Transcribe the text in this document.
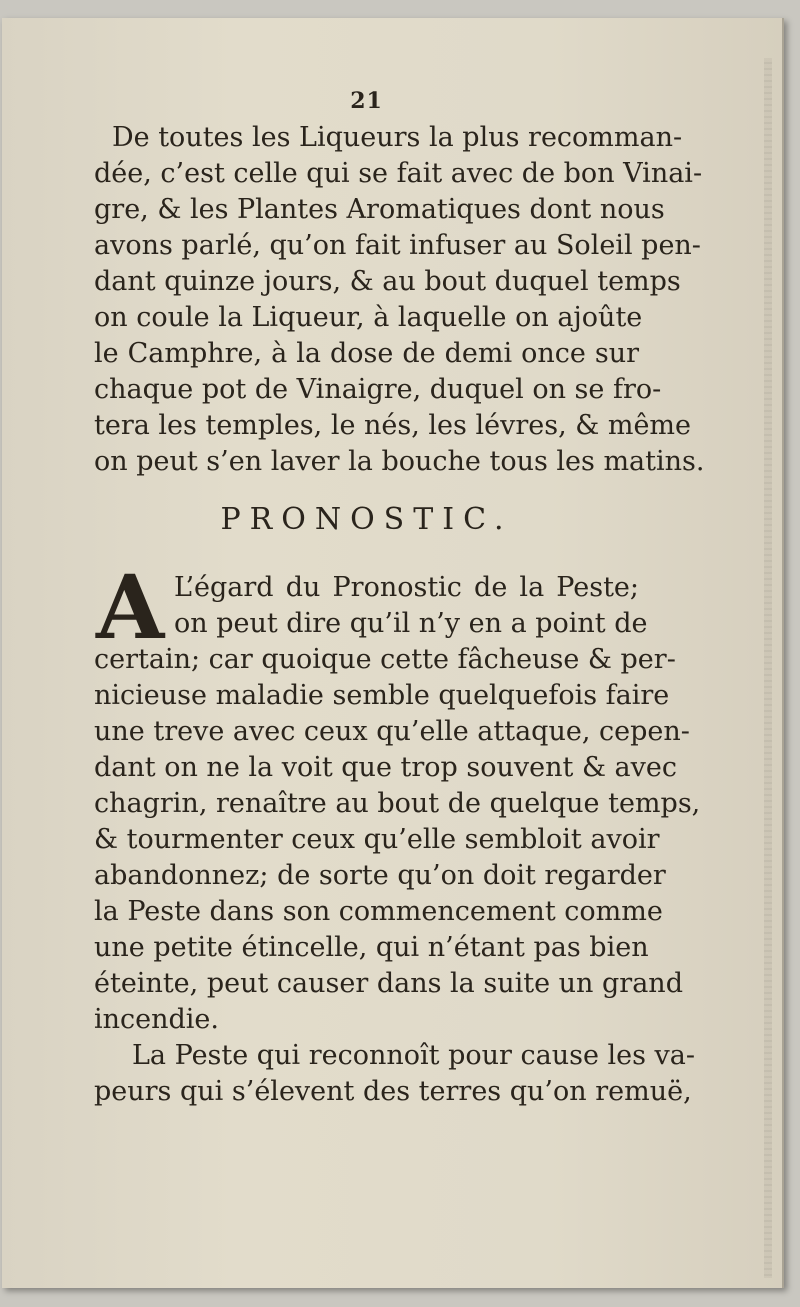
21
De toutes les Liqueurs la plus recomman-
dée, c’est celle qui se fait avec de bon Vinai-
gre, & les Plantes Aromatiques dont nous
avons parlé, qu’on fait infuser au Soleil pen-
dant quinze jours, & au bout duquel temps
on coule la Liqueur, à laquelle on ajoûte
le Camphre, à la dose de demi once sur
chaque pot de Vinaigre, duquel on se fro-
tera les temples, le nés, les lévres, & même
on peut s’en laver la bouche tous les matins.
PRONOSTIC.
A L’égard du Pronostic de la Peste;
on peut dire qu’il n’y en a point de
certain; car quoique cette fâcheuse & per-
nicieuse maladie semble quelquefois faire
une treve avec ceux qu’elle attaque, cepen-
dant on ne la voit que trop souvent & avec
chagrin, renaître au bout de quelque temps,
& tourmenter ceux qu’elle sembloit avoir
abandonnez; de sorte qu’on doit regarder
la Peste dans son commencement comme
une petite étincelle, qui n’étant pas bien
éteinte, peut causer dans la suite un grand
incendie.
La Peste qui reconnoît pour cause les va-
peurs qui s’élevent des terres qu’on remuë,
